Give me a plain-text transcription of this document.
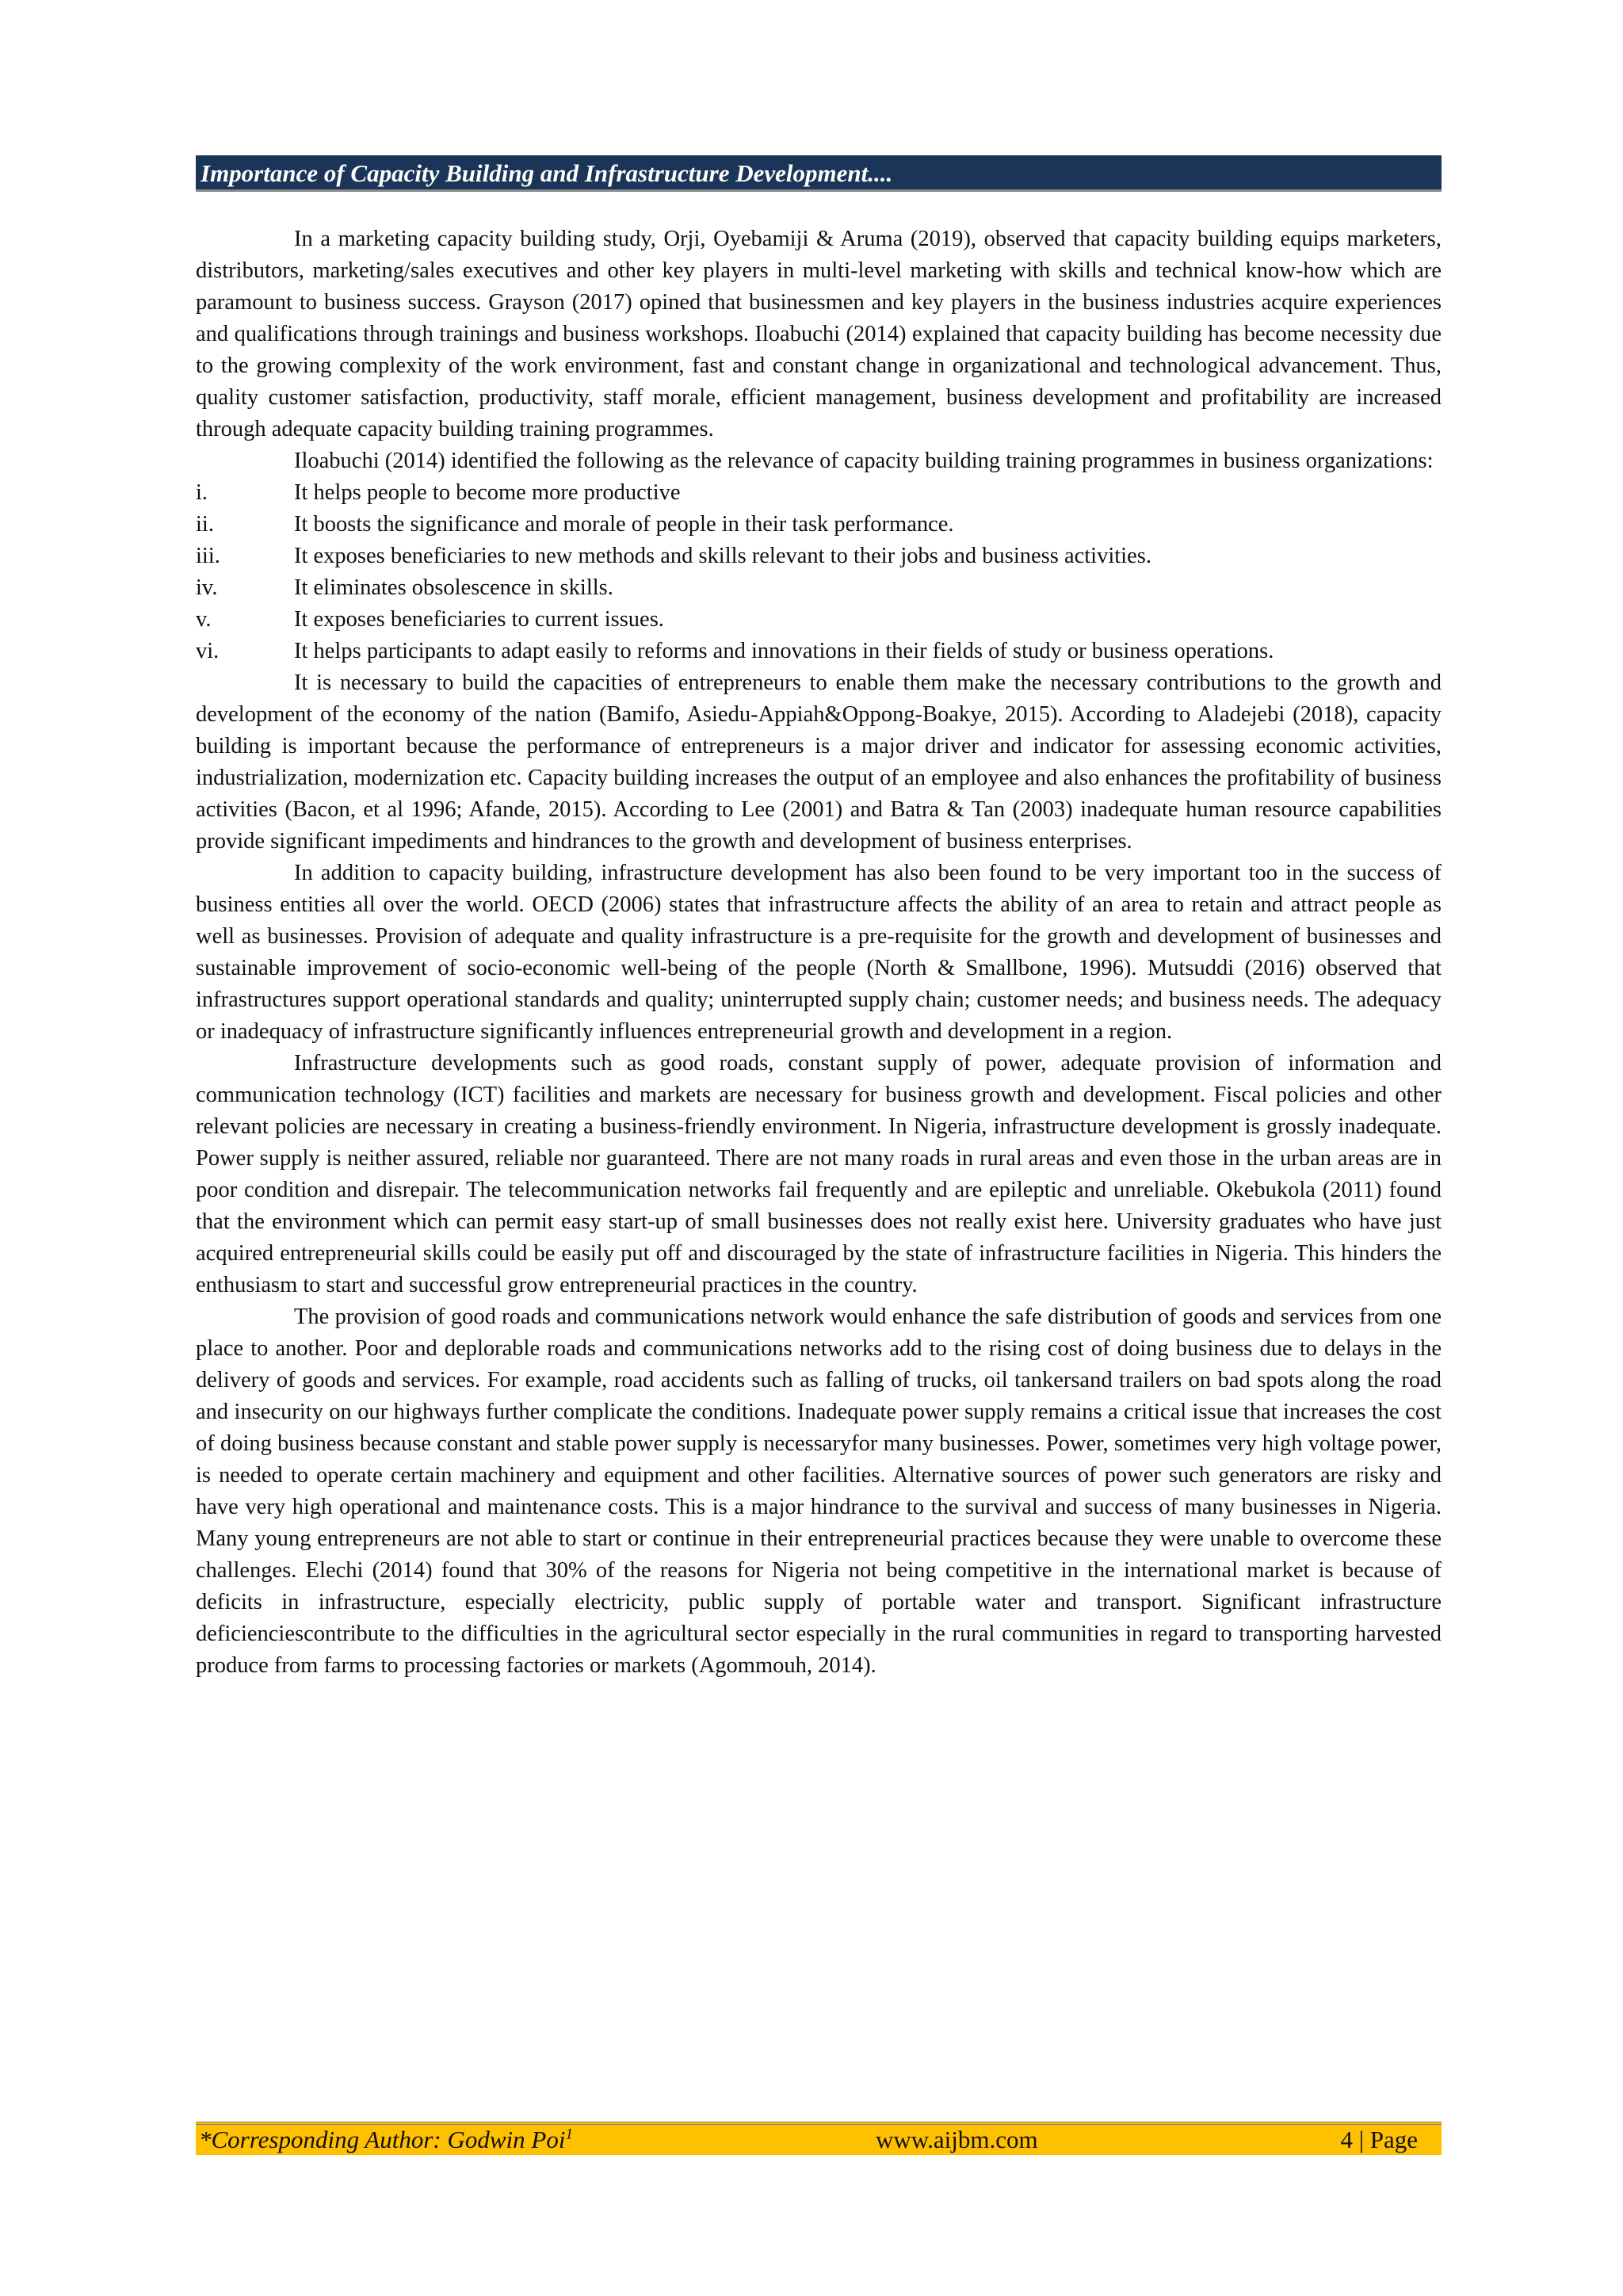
Importance of Capacity Building and Infrastructure Development....

In a marketing capacity building study, Orji, Oyebamiji & Aruma (2019), observed that capacity building equips marketers, distributors, marketing/sales executives and other key players in multi-level marketing with skills and technical know-how which are paramount to business success. Grayson (2017) opined that businessmen and key players in the business industries acquire experiences and qualifications through trainings and business workshops. Iloabuchi (2014) explained that capacity building has become necessity due to the growing complexity of the work environment, fast and constant change in organizational and technological advancement. Thus, quality customer satisfaction, productivity, staff morale, efficient management, business development and profitability are increased through adequate capacity building training programmes.

Iloabuchi (2014) identified the following as the relevance of capacity building training programmes in business organizations:

i.	It helps people to become more productive
ii.	It boosts the significance and morale of people in their task performance.
iii.	It exposes beneficiaries to new methods and skills relevant to their jobs and business activities.
iv.	It eliminates obsolescence in skills.
v.	It exposes beneficiaries to current issues.
vi.	It helps participants to adapt easily to reforms and innovations in their fields of study or business operations.

It is necessary to build the capacities of entrepreneurs to enable them make the necessary contributions to the growth and development of the economy of the nation (Bamifo, Asiedu-Appiah&Oppong-Boakye, 2015). According to Aladejebi (2018), capacity building is important because the performance of entrepreneurs is a major driver and indicator for assessing economic activities, industrialization, modernization etc. Capacity building increases the output of an employee and also enhances the profitability of business activities (Bacon, et al 1996; Afande, 2015). According to Lee (2001) and Batra & Tan (2003) inadequate human resource capabilities provide significant impediments and hindrances to the growth and development of business enterprises.

In addition to capacity building, infrastructure development has also been found to be very important too in the success of business entities all over the world. OECD (2006) states that infrastructure affects the ability of an area to retain and attract people as well as businesses. Provision of adequate and quality infrastructure is a pre-requisite for the growth and development of businesses and sustainable improvement of socio-economic well-being of the people (North & Smallbone, 1996). Mutsuddi (2016) observed that infrastructures support operational standards and quality; uninterrupted supply chain; customer needs; and business needs. The adequacy or inadequacy of infrastructure significantly influences entrepreneurial growth and development in a region.

Infrastructure developments such as good roads, constant supply of power, adequate provision of information and communication technology (ICT) facilities and markets are necessary for business growth and development. Fiscal policies and other relevant policies are necessary in creating a business-friendly environment. In Nigeria, infrastructure development is grossly inadequate. Power supply is neither assured, reliable nor guaranteed. There are not many roads in rural areas and even those in the urban areas are in poor condition and disrepair. The telecommunication networks fail frequently and are epileptic and unreliable. Okebukola (2011) found that the environment which can permit easy start-up of small businesses does not really exist here. University graduates who have just acquired entrepreneurial skills could be easily put off and discouraged by the state of infrastructure facilities in Nigeria. This hinders the enthusiasm to start and successful grow entrepreneurial practices in the country.

The provision of good roads and communications network would enhance the safe distribution of goods and services from one place to another. Poor and deplorable roads and communications networks add to the rising cost of doing business due to delays in the delivery of goods and services. For example, road accidents such as falling of trucks, oil tankersand trailers on bad spots along the road and insecurity on our highways further complicate the conditions. Inadequate power supply remains a critical issue that increases the cost of doing business because constant and stable power supply is necessaryfor many businesses. Power, sometimes very high voltage power, is needed to operate certain machinery and equipment and other facilities. Alternative sources of power such generators are risky and have very high operational and maintenance costs. This is a major hindrance to the survival and success of many businesses in Nigeria. Many young entrepreneurs are not able to start or continue in their entrepreneurial practices because they were unable to overcome these challenges. Elechi (2014) found that 30% of the reasons for Nigeria not being competitive in the international market is because of deficits in infrastructure, especially electricity, public supply of portable water and transport. Significant infrastructure deficienciescontribute to the difficulties in the agricultural sector especially in the rural communities in regard to transporting harvested produce from farms to processing factories or markets (Agommouh, 2014).

*Corresponding Author: Godwin Poi$^1$	www.aijbm.com	4 | Page
